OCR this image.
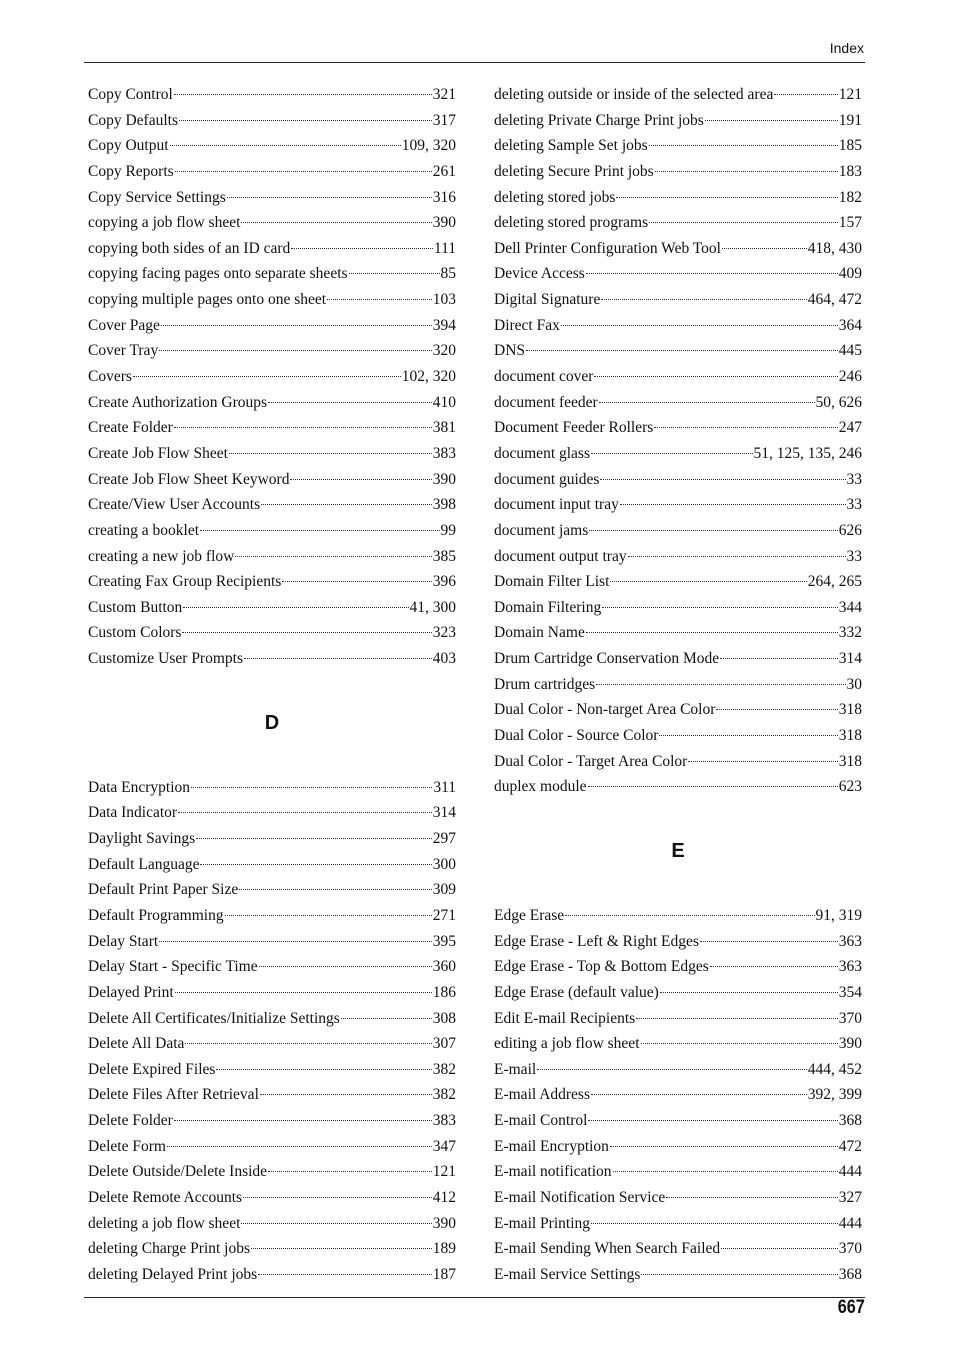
Index
Copy Control	321
Copy Defaults	317
Copy Output	109, 320
Copy Reports	261
Copy Service Settings	316
copying a job flow sheet	390
copying both sides of an ID card	111
copying facing pages onto separate sheets	85
copying multiple pages onto one sheet	103
Cover Page	394
Cover Tray	320
Covers	102, 320
Create Authorization Groups	410
Create Folder	381
Create Job Flow Sheet	383
Create Job Flow Sheet Keyword	390
Create/View User Accounts	398
creating a booklet	99
creating a new job flow	385
Creating Fax Group Recipients	396
Custom Button	41, 300
Custom Colors	323
Customize User Prompts	403
D
Data Encryption	311
Data Indicator	314
Daylight Savings	297
Default Language	300
Default Print Paper Size	309
Default Programming	271
Delay Start	395
Delay Start - Specific Time	360
Delayed Print	186
Delete All Certificates/Initialize Settings	308
Delete All Data	307
Delete Expired Files	382
Delete Files After Retrieval	382
Delete Folder	383
Delete Form	347
Delete Outside/Delete Inside	121
Delete Remote Accounts	412
deleting a job flow sheet	390
deleting Charge Print jobs	189
deleting Delayed Print jobs	187
deleting outside or inside of the selected area	121
deleting Private Charge Print jobs	191
deleting Sample Set jobs	185
deleting Secure Print jobs	183
deleting stored jobs	182
deleting stored programs	157
Dell Printer Configuration Web Tool	418, 430
Device Access	409
Digital Signature	464, 472
Direct Fax	364
DNS	445
document cover	246
document feeder	50, 626
Document Feeder Rollers	247
document glass	51, 125, 135, 246
document guides	33
document input tray	33
document jams	626
document output tray	33
Domain Filter List	264, 265
Domain Filtering	344
Domain Name	332
Drum Cartridge Conservation Mode	314
Drum cartridges	30
Dual Color - Non-target Area Color	318
Dual Color - Source Color	318
Dual Color - Target Area Color	318
duplex module	623
E
Edge Erase	91, 319
Edge Erase - Left & Right Edges	363
Edge Erase - Top & Bottom Edges	363
Edge Erase (default value)	354
Edit E-mail Recipients	370
editing a job flow sheet	390
E-mail	444, 452
E-mail Address	392, 399
E-mail Control	368
E-mail Encryption	472
E-mail notification	444
E-mail Notification Service	327
E-mail Printing	444
E-mail Sending When Search Failed	370
E-mail Service Settings	368
667
